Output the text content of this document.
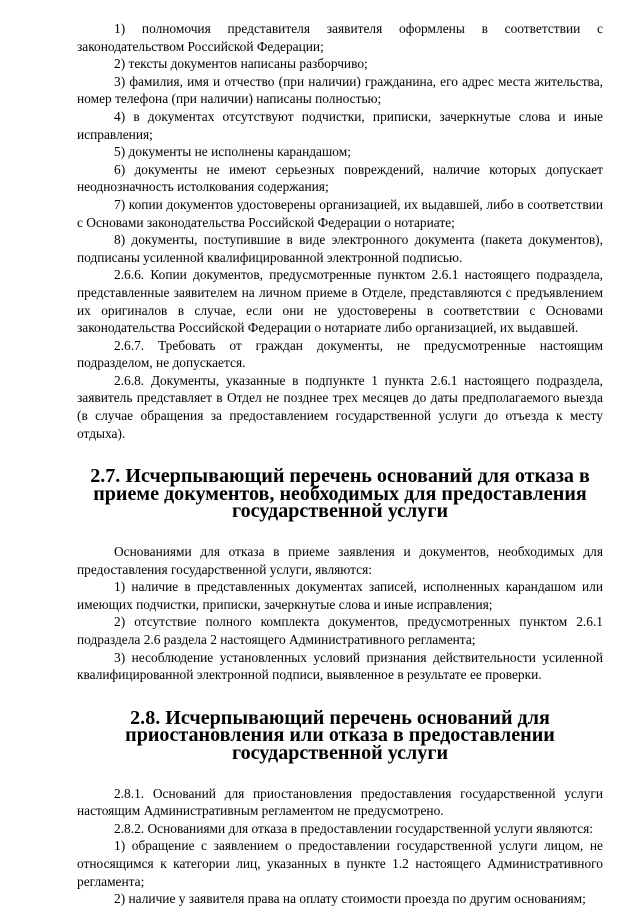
1) полномочия представителя заявителя оформлены в соответствии с законодательством Российской Федерации;

2) тексты документов написаны разборчиво;

3) фамилия, имя и отчество (при наличии) гражданина, его адрес места жительства, номер телефона (при наличии) написаны полностью;

4) в документах отсутствуют подчистки, приписки, зачеркнутые слова и иные исправления;

5) документы не исполнены карандашом;

6) документы не имеют серьезных повреждений, наличие которых допускает неоднозначность истолкования содержания;

7) копии документов удостоверены организацией, их выдавшей, либо в соответствии с Основами законодательства Российской Федерации о нотариате;

8) документы, поступившие в виде электронного документа (пакета документов), подписаны усиленной квалифицированной электронной подписью.

2.6.6. Копии документов, предусмотренные пунктом 2.6.1 настоящего подраздела, представленные заявителем на личном приеме в Отделе, представляются с предъявлением их оригиналов в случае, если они не удостоверены в соответствии с Основами законодательства Российской Федерации о нотариате либо организацией, их выдавшей.

2.6.7. Требовать от граждан документы, не предусмотренные настоящим подразделом, не допускается.

2.6.8. Документы, указанные в подпункте 1 пункта 2.6.1 настоящего подраздела, заявитель представляет в Отдел не позднее трех месяцев до даты предполагаемого выезда (в случае обращения за предоставлением государственной услуги до отъезда к месту отдыха).

2.7. Исчерпывающий перечень оснований для отказа в приеме документов, необходимых для предоставления государственной услуги

Основаниями для отказа в приеме заявления и документов, необходимых для предоставления государственной услуги, являются:

1) наличие в представленных документах записей, исполненных карандашом или имеющих подчистки, приписки, зачеркнутые слова и иные исправления;

2) отсутствие полного комплекта документов, предусмотренных пунктом 2.6.1 подраздела 2.6 раздела 2 настоящего Административного регламента;

3) несоблюдение установленных условий признания действительности усиленной квалифицированной электронной подписи, выявленное в результате ее проверки.

2.8. Исчерпывающий перечень оснований для приостановления или отказа в предоставлении государственной услуги

2.8.1. Оснований для приостановления предоставления государственной услуги настоящим Административным регламентом не предусмотрено.

2.8.2. Основаниями для отказа в предоставлении государственной услуги являются:

1) обращение с заявлением о предоставлении государственной услуги лицом, не относящимся к категории лиц, указанных в пункте 1.2 настоящего Административного регламента;

2) наличие у заявителя права на оплату стоимости проезда по другим основаниям;
